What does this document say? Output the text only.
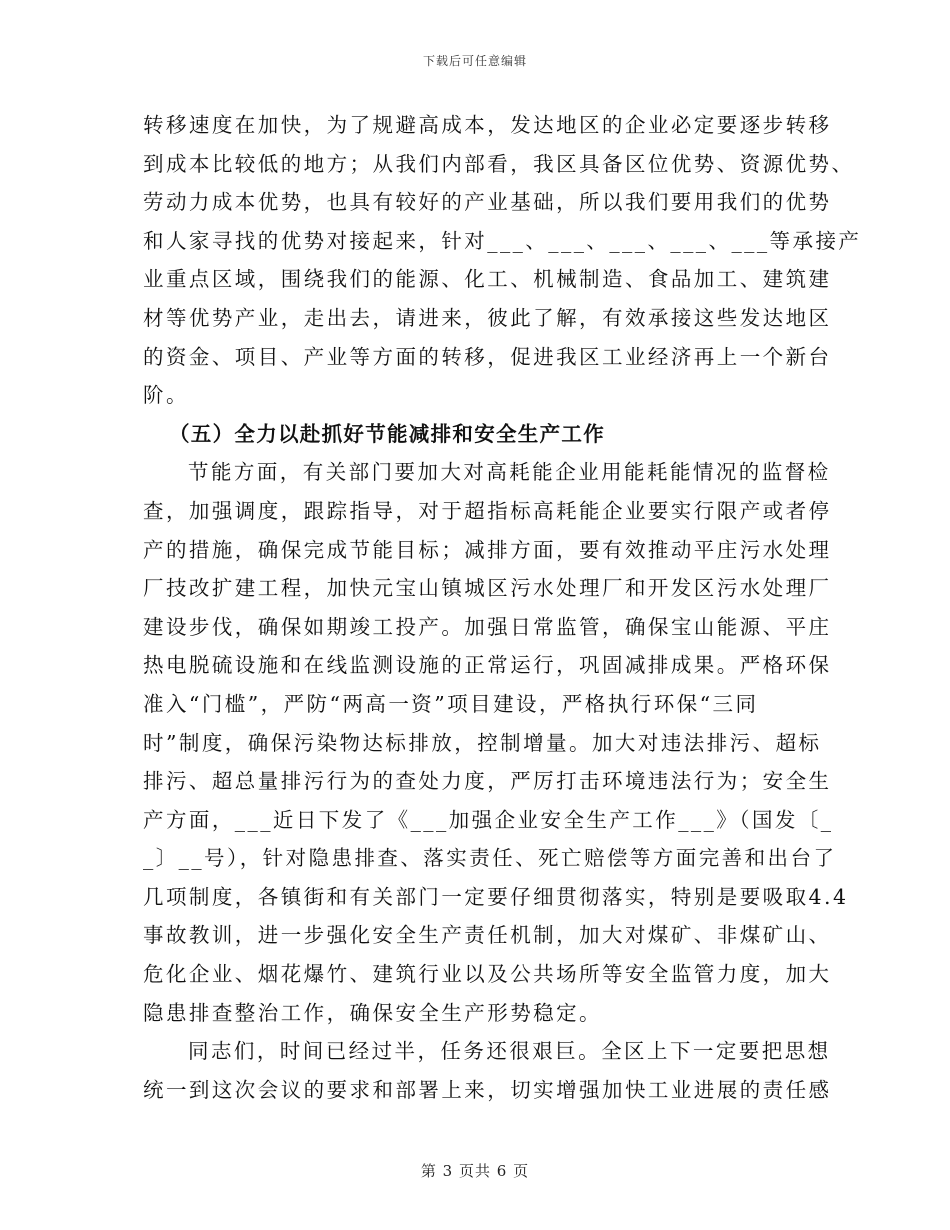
下载后可任意编辑
转移速度在加快，为了规避高成本，发达地区的企业必定要逐步转移
到成本比较低的地方；从我们内部看，我区具备区位优势、资源优势、
劳动力成本优势，也具有较好的产业基础，所以我们要用我们的优势
和人家寻找的优势对接起来，针对___、___、___、___、___等承接产
业重点区域，围绕我们的能源、化工、机械制造、食品加工、建筑建
材等优势产业，走出去，请进来，彼此了解，有效承接这些发达地区
的资金、项目、产业等方面的转移，促进我区工业经济再上一个新台
阶。
（五）全力以赴抓好节能减排和安全生产工作
节能方面，有关部门要加大对高耗能企业用能耗能情况的监督检
查，加强调度，跟踪指导，对于超指标高耗能企业要实行限产或者停
产的措施，确保完成节能目标；减排方面，要有效推动平庄污水处理
厂技改扩建工程，加快元宝山镇城区污水处理厂和开发区污水处理厂
建设步伐，确保如期竣工投产。加强日常监管，确保宝山能源、平庄
热电脱硫设施和在线监测设施的正常运行，巩固减排成果。严格环保
准入“门槛”，严防“两高一资”项目建设，严格执行环保“三同
时”制度，确保污染物达标排放，控制增量。加大对违法排污、超标
排污、超总量排污行为的查处力度，严厉打击环境违法行为；安全生
产方面，___近日下发了《___加强企业安全生产工作___》（国发〔_
_〕__号），针对隐患排查、落实责任、死亡赔偿等方面完善和出台了
几项制度，各镇街和有关部门一定要仔细贯彻落实，特别是要吸取4.4
事故教训，进一步强化安全生产责任机制，加大对煤矿、非煤矿山、
危化企业、烟花爆竹、建筑行业以及公共场所等安全监管力度，加大
隐患排查整治工作，确保安全生产形势稳定。
同志们，时间已经过半，任务还很艰巨。全区上下一定要把思想
统一到这次会议的要求和部署上来，切实增强加快工业进展的责任感
第 3 页共 6 页
